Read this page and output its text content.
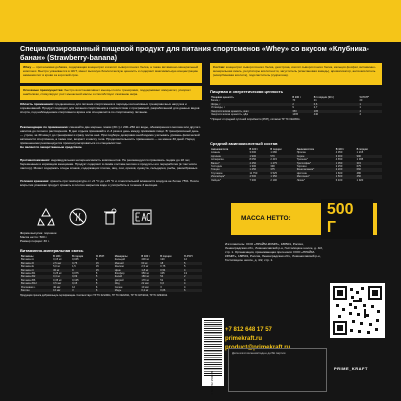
Специализированный пищевой продукт для питания спортсменов «Whey» со вкусом «Клубника-банан» (Strawberry-banana)
Whey — протеиновая добавка, содержащая концентрат и изолят сывороточного белка, а также витаминно-минеральный комплекс. Быстро усваивается в ЖКТ, имеет высокую биологическую ценность и содержит максимальную концентрацию аминокислот в крови за короткий срок.
Основные преимущества: быстро восстанавливает мышцы после тренировки, поддерживает иммунитет, ускоряет анаболизм, стимулирует рост мышечной массы и способствует сжиганию жира.
Область применения: предназначен для питания спортсменов в периоды интенсивных тренировочных нагрузок и соревнований. Продукт подходит для питания спортсменов в соответствии с программой, разработанной для данных видов спорта, под наблюдением спортивного врача или специалиста по спортивному питанию.
Рекомендации по применению: смешайте две мерные ложки (30 г) с 200–250 мл воды, обезжиренного молока или другого напитка до полного растворения. В дни отдыха принимайте 2–3 раза в день между приёмами пищи. В тренировочный день — утром, за 30 минут до тренировки и сразу после неё. При подборе дозировки необходимо учитывать уровень физической активности спортсмена, а также пол, возраст и массу тела. Продолжительность применения — не менее 30 дней. Перед применением рекомендуется проконсультироваться со специалистом.
Не является лекарственным средством.
Противопоказания: индивидуальная непереносимость компонентов. Не рекомендуется принимать людям до 18 лет, беременным и кормящим женщинам. Продукт содержит в своём составе молоко и продукты его переработки (в том числе лактозу). Может содержать следы злаков, содержащих глютен, яиц, сои, орехов, кунжута, сельдерея, рыбы, ракообразных.
Условия хранения: хранить при температуре от +5 °С до +25 °С и относительной влажности воздуха не более 75%. После вскрытия упаковки продукт хранить в плотно закрытом виде и употребить в течение 3 месяцев.
Форма выпуска: порошок.
Масса нетто: 500 г.
Размер порции: 30 г.
Состав: концентрат сывороточного белка, декстроза, изолят сывороточного белка, кальция фосфат, витаминно-минеральная смесь, регуляторы кислотности, загуститель (ксантановая камедь), ароматизатор, антиокислитель (аскорбиновая кислота), подсластитель (сукралоза).
Пищевая и энергетическая ценность
Пищевая ценность	В 100 г	В 1 порции (30 г)	% РСП*
Белок, г	70	21	20
Жиры, г	2	0,6	1
Углеводы, г	9	2,7	1
Энергетическая ценность, ккал	350	105	4
Энергетическая ценность, кДж	1465	440	4
* Процент от средней суточной потребности (РСП), согласно ТР ТС 022/2011.
Средний аминокислотный состав
Аминокислота	В 100 г	В порции	Аминокислота	В 100 г	В порции
Аланин	3 600	1 080	Пролин	4 050	1 215
Аргинин	1 900	570	Серин	3 300	990
Аспарагин.	8 050	2 415	Треонин*	4 650	1 395
Валин*	4 250	1 275	Триптофан*	1 050	315
Гистидин	1 300	390	Тирозин	2 250	675
Глицин	1 250	375	Фенилаланин*	2 200	660
Глутамин.	11 750	3 525	Цистеин	1 600	480
Изолейцин*	4 500	1 350	Метионин*	1 500	450
Лейцин*	7 300	2 190	Лизин*	6 400	1 920
МАССА НЕТТО:
500 Г
Витаминно-минеральная смесь
Витамины	В 100 г	В порции	% РСП	Минералы	В 100 г	В порции	% РСП
Витамин A	0,15 мг	0,045	5	Кальций	400 мг	120	12
Витамин D	2,5 мкг	0,75	15	Магний	60 мг	18	5
Витамин E	5,0 мг	1,5	15	Железо	2,5 мг	0,75	5
Витамин C	30 мг	9	15	Цинк	1,8 мг	0,54	4
Витамин B1	0,25 мг	0,075	5	Фосфор	350 мг	105	13
Витамин B2	0,3 мг	0,09	5	Калий	180 мг	54	2
Витамин B6	0,35 мг	0,105	5	Натрий	170 мг	51	4
Витамин B12	0,5 мкг	0,15	5	Йод	22 мкг	6,6	4
Фолиевая к.	40 мкг	12	6	Селен	10 мкг	3	4
Биотин	10 мкг	3	6	Медь	0,2 мг	0,06	6
Продукция прошла добровольную сертификацию. Соответствует ТР ТС 021/2011, ТР ТС 022/2011, ТР ТС 027/2012, ТР ТС 029/2012.
Изготовитель: ООО «ПРАЙМ-КРАФТ», 188501, Россия, Ленинградская обл., Ломоносовский р-н, Гостилицкое шоссе, д. 4/2, стр. 1. Организация, принимающая претензии: ООО «ПРАЙМ-КРАФТ», 188501, Россия, Ленинградская обл., Ломоносовский р-н, Гостилицкое шоссе, д. 4/2, стр. 1.
+7 812 648 17 57
primekraft.ru
product@primekraft.ru
4 627152 350038
Дата изготовления/годен до/№ партии
PRIME_KRAFT
